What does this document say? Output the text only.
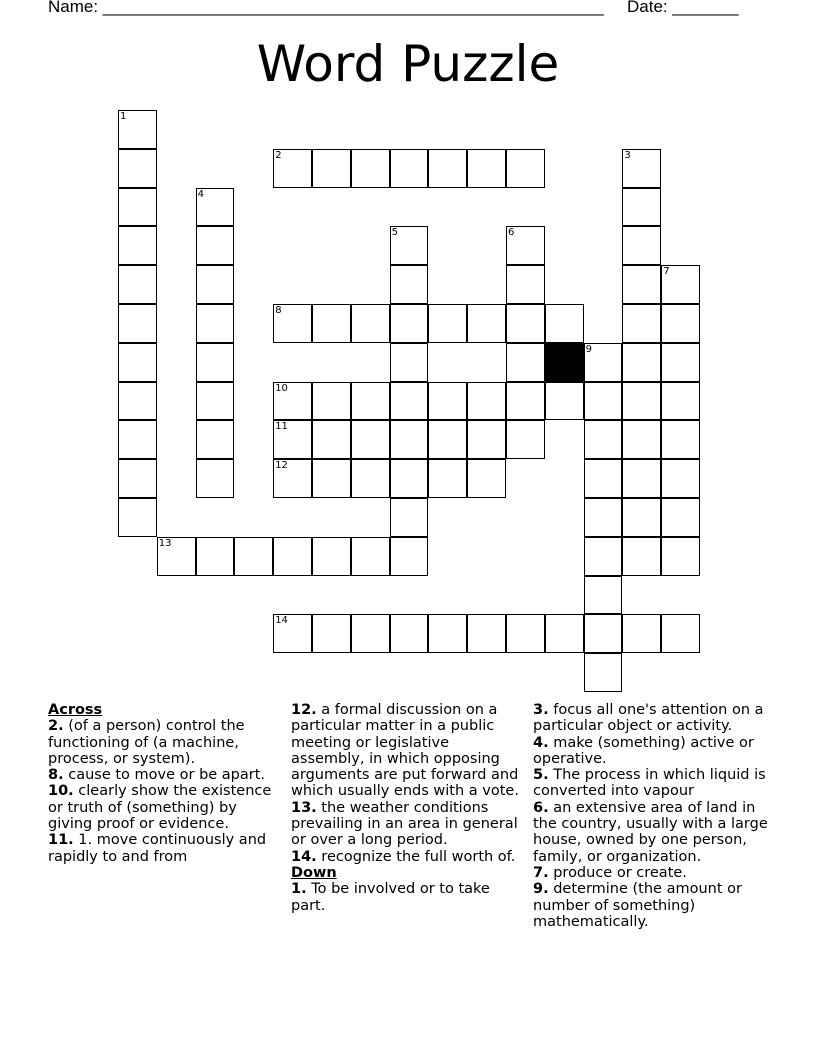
Name: _____________________________________________________ Date: _______
Word Puzzle
1
13
4
2
8
10
11
12
5	6
9
14
3
7

Across

2. (of a person) control the functioning of (a machine, process, or system).

8. cause to move or be apart.

10. clearly show the existence or truth of (something) by giving proof or evidence.

11. 1. move continuously and rapidly to and from

12. a formal discussion on a particular matter in a public meeting or legislative assembly, in which opposing arguments are put forward and which usually ends with a vote.

13. the weather conditions prevailing in an area in general or over a long period.

14. recognize the full worth of.

Down

1. To be involved or to take part.

3. focus all one's attention on a particular object or activity.

4. make (something) active or operative.

5. The process in which liquid is converted into vapour

6. an extensive area of land in the country, usually with a large house, owned by one person, family, or organization.

7. produce or create.

9. determine (the amount or number of something) mathematically.
